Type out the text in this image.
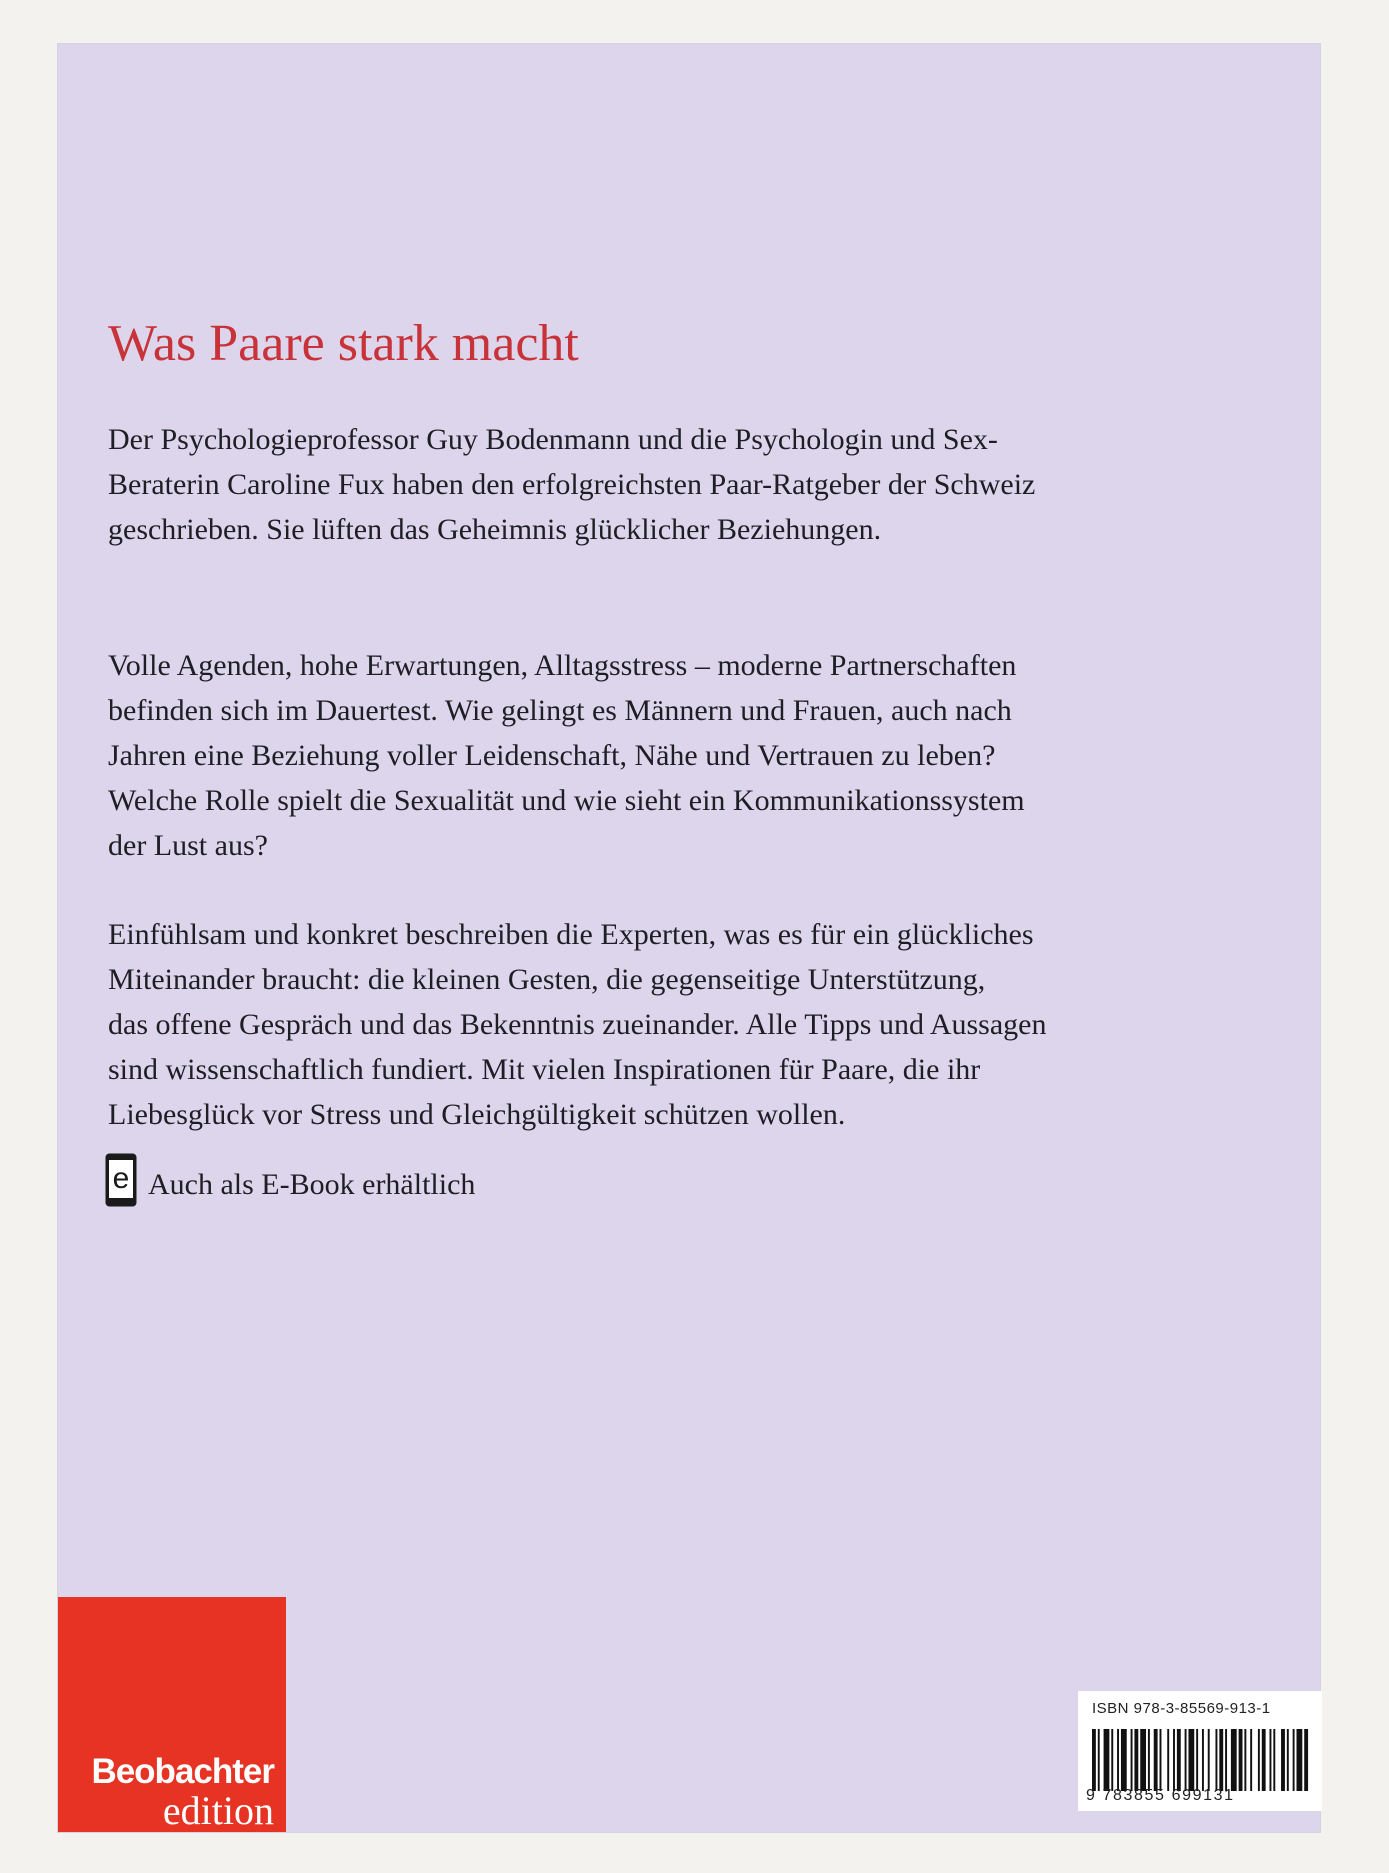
Was Paare stark macht
Der Psychologieprofessor Guy Bodenmann und die Psychologin und Sex-
Beraterin Caroline Fux haben den erfolgreichsten Paar-Ratgeber der Schweiz
geschrieben. Sie lüften das Geheimnis glücklicher Beziehungen.
Volle Agenden, hohe Erwartungen, Alltagsstress – moderne Partnerschaften
befinden sich im Dauertest. Wie gelingt es Männern und Frauen, auch nach
Jahren eine Beziehung voller Leidenschaft, Nähe und Vertrauen zu leben?
Welche Rolle spielt die Sexualität und wie sieht ein Kommunikationssystem
der Lust aus?
Einfühlsam und konkret beschreiben die Experten, was es für ein glückliches
Miteinander braucht: die kleinen Gesten, die gegenseitige Unterstützung,
das offene Gespräch und das Bekenntnis zueinander. Alle Tipps und Aussagen
sind wissenschaftlich fundiert. Mit vielen Inspirationen für Paare, die ihr
Liebesglück vor Stress und Gleichgültigkeit schützen wollen.
e Auch als E-Book erhältlich
Beobachter
edition
ISBN 978-3-85569-913-1
9 783855 699131
